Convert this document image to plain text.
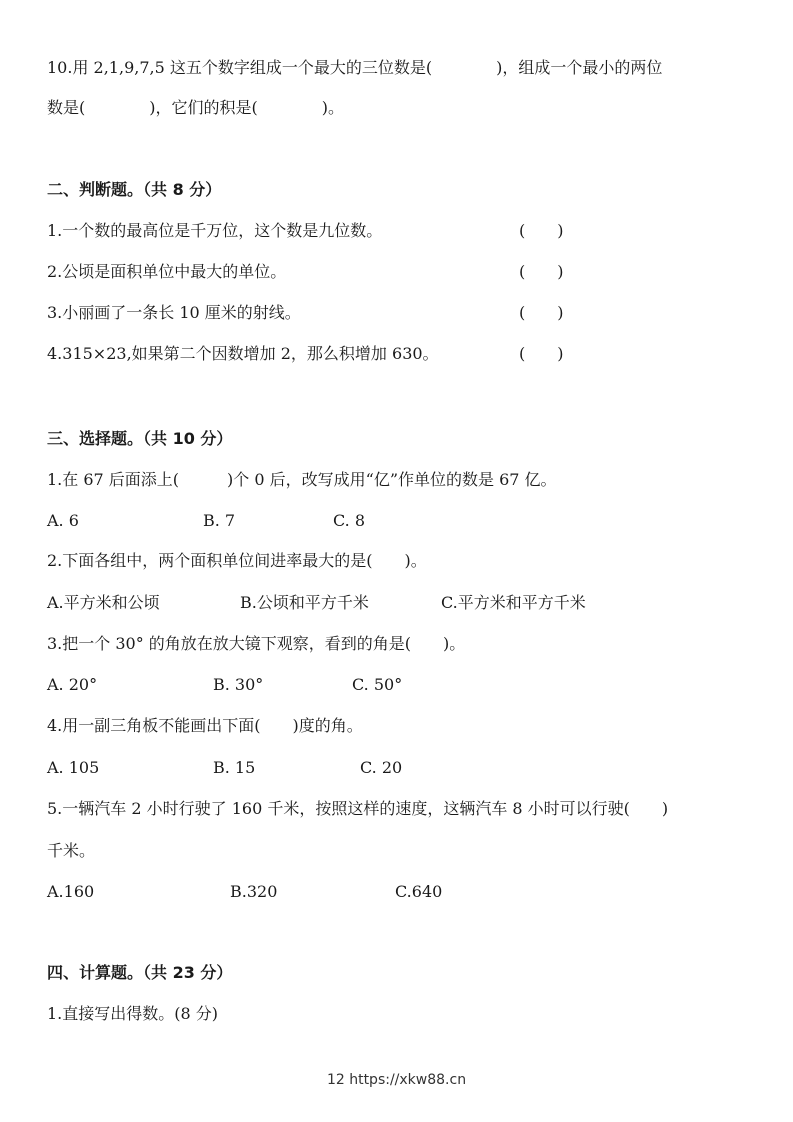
10.用 2,1,9,7,5 这五个数字组成一个最大的三位数是(　　　　)，组成一个最小的两位
数是(　　　　)，它们的积是(　　　　)。
二、判断题。（共 8 分）
1.一个数的最高位是千万位，这个数是九位数。	(　　)
2.公顷是面积单位中最大的单位。	(　　)
3.小丽画了一条长 10 厘米的射线。	(　　)
4.315×23,如果第二个因数增加 2，那么积增加 630。	(　　)
三、选择题。（共 10 分）
1.在 67 后面添上(　　　)个 0 后，改写成用“亿”作单位的数是 67 亿。
A. 6	B. 7	C. 8
2.下面各组中，两个面积单位间进率最大的是(　　)。
A.平方米和公顷	B.公顷和平方千米	C.平方米和平方千米
3.把一个 30° 的角放在放大镜下观察，看到的角是(　　)。
A. 20°	B. 30°	C. 50°
4.用一副三角板不能画出下面(　　)度的角。
A. 105	B. 15	C. 20
5.一辆汽车 2 小时行驶了 160 千米，按照这样的速度，这辆汽车 8 小时可以行驶(　　)
千米。
A.160	B.320	C.640
四、计算题。（共 23 分）
1.直接写出得数。(8 分)
12 https://xkw88.cn
